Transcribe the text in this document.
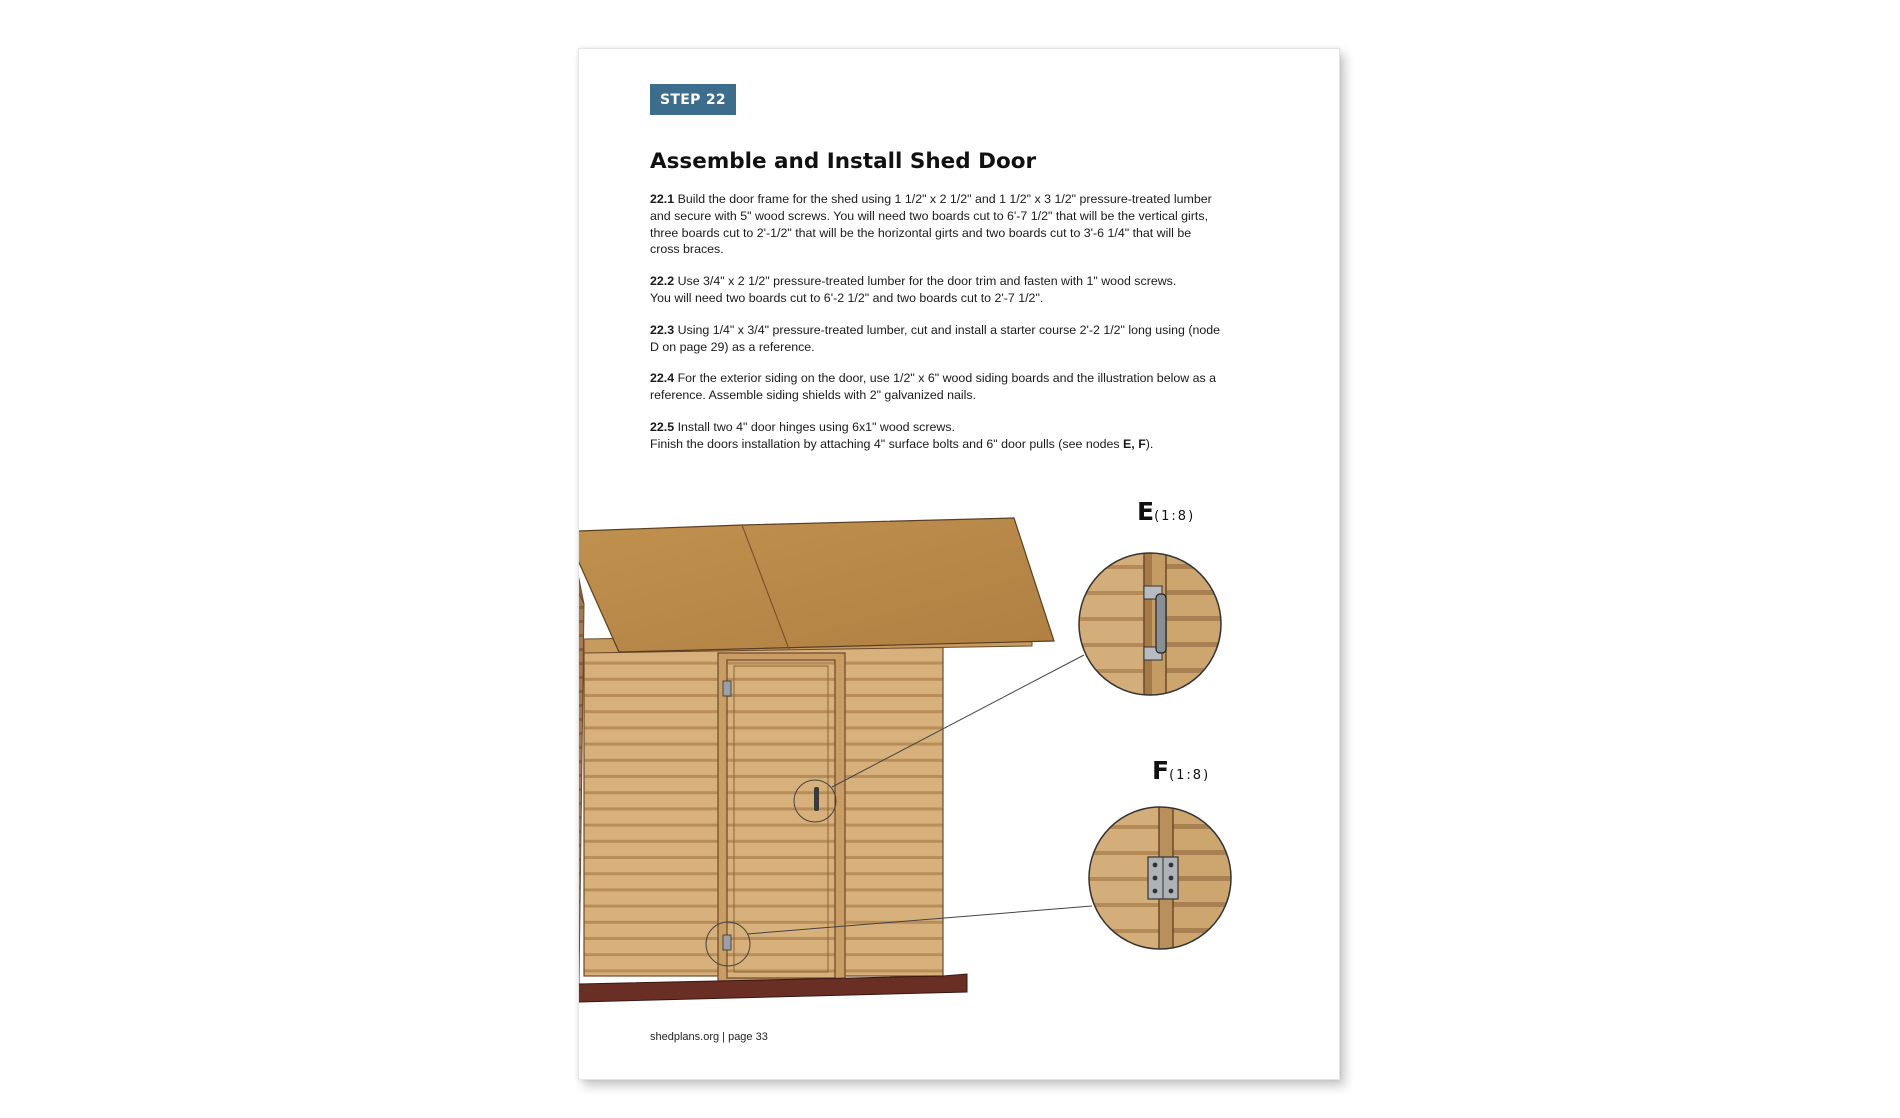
STEP 22
Assemble and Install Shed Door

22.1 Build the door frame for the shed using 1 1/2" x 2 1/2" and 1 1/2" x 3 1/2" pressure-treated lumber
and secure with 5" wood screws. You will need two boards cut to 6'-7 1/2" that will be the vertical girts,
three boards cut to 2'-1/2" that will be the horizontal girts and two boards cut to 3'-6 1/4" that will be
cross braces.

22.2 Use 3/4" x 2 1/2" pressure-treated lumber for the door trim and fasten with 1" wood screws.
You will need two boards cut to 6'-2 1/2" and two boards cut to 2'-7 1/2".

22.3 Using 1/4" x 3/4" pressure-treated lumber, cut and install a starter course 2'-2 1/2" long using (node
D on page 29) as a reference.

22.4 For the exterior siding on the door, use 1/2" x 6" wood siding boards and the illustration below as a
reference. Assemble siding shields with 2" galvanized nails.

22.5 Install two 4" door hinges using 6x1" wood screws.
Finish the doors installation by attaching 4" surface bolts and 6" door pulls (see nodes E, F).

E(1:8)
F(1:8)
shedplans.org | page 33
